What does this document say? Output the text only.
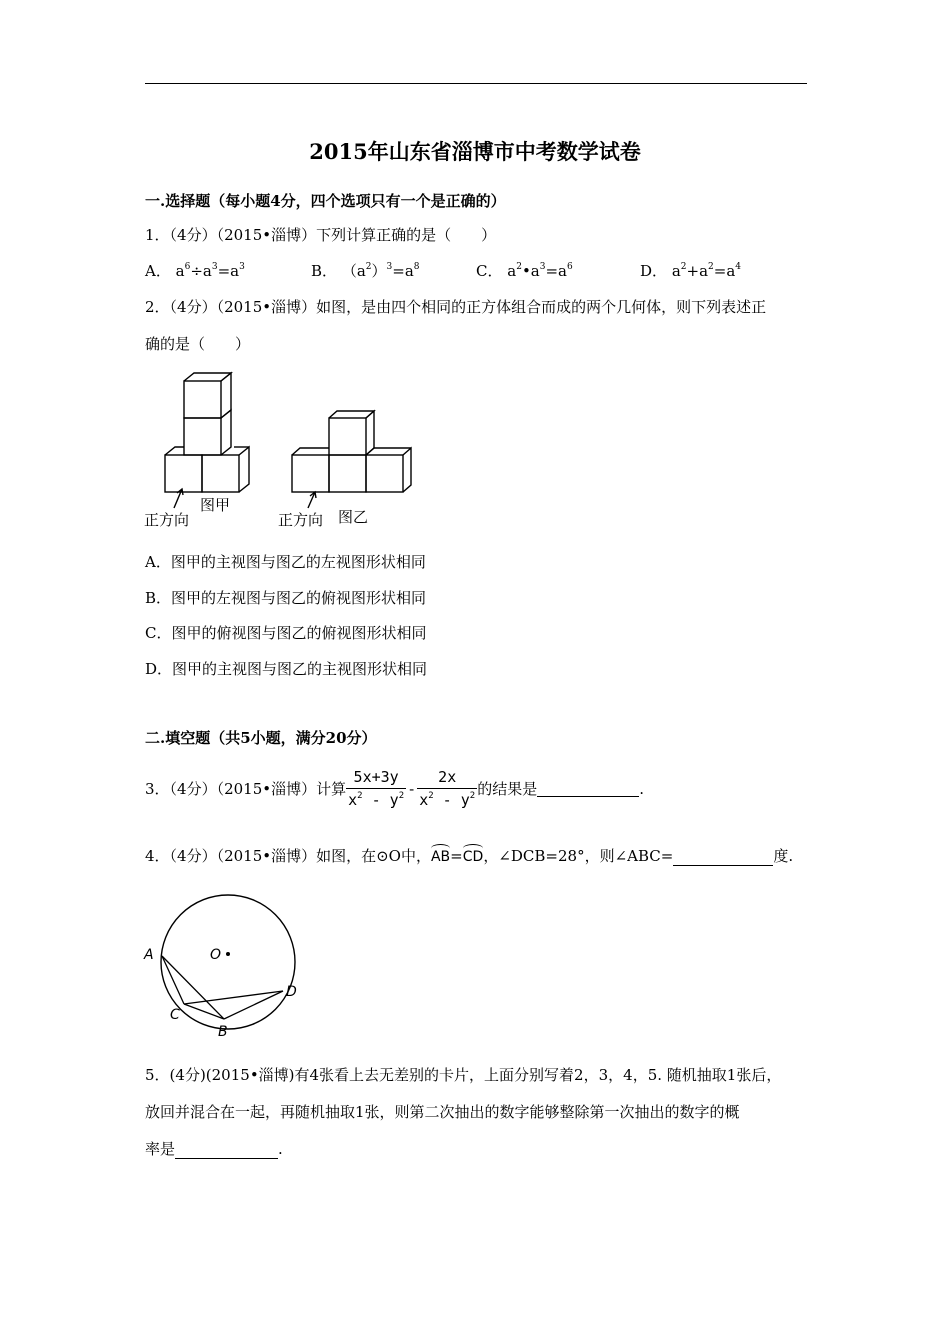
2015年山东省淄博市中考数学试卷
一.选择题（每小题4分，四个选项只有一个是正确的）
1．（4分）（2015•淄博）下列计算正确的是（　　）
A． $a^6\div a^3=a^3$	B． $(a^2)^3=a^8$	C． $a^2•a^3=a^6$	D． $a^2+a^2=a^4$
2．（4分）（2015•淄博）如图，是由四个相同的正方体组合而成的两个几何体，则下列表述正
确的是（　　）
图甲
正方向	图乙
正方向
A．图甲的主视图与图乙的左视图形状相同
B．图甲的左视图与图乙的俯视图形状相同
C．图甲的俯视图与图乙的俯视图形状相同
D．图甲的主视图与图乙的主视图形状相同
二.填空题（共5小题，满分20分）
3．（4分）（2015•淄博）计算 $\frac{5x+3y}{x^2 - y^2} - \frac{2x}{x^2 - y^2}$ 的结果是	.
4．（4分）（2015•淄博）如图，在⊙O中，AB=CD，∠DCB=28°，则∠ABC=	度.
A
B
C
D
O
5．(4分)(2015•淄博)有4张看上去无差别的卡片，上面分别写着2，3，4，5. 随机抽取1张后，
放回并混合在一起，再随机抽取1张，则第二次抽出的数字能够整除第一次抽出的数字的概
率是	.
